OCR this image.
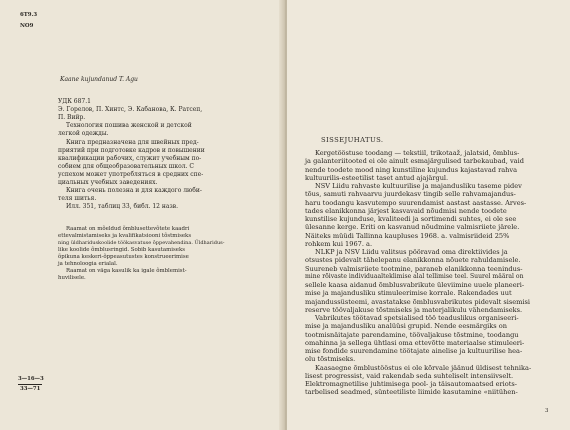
6T9.3
NO9
Kaane kujundanud T. Agu
УДК 687.1
Э. Горелов, П. Хинтс, Э. Кабанова, К. Ратсеп,
П. Вийр.
Технология пошива женской и детской
легкой одежды.
Книга предназначена для швейных пред-
приятий при подготовке кадров и повышении
квалификации рабочих, служит учебным по-
собием для общеобразовательных школ. С
успехом может употребляться в средних спе-
циальных учебных заведениях.
Книга очень полезна и для каждого люби-
теля шитья.
Илл. 351, таблиц 33, библ. 12 назв.
Raamat on mõeldud õmblusettevõtete kaadri
ettevalmistamiseks ja kvalifikatsiooni tõstmiseks
ning üldhariduskoolide töökasvatuse õppevahendina. Üldharidus-
like koolide õmblusringid. Sobib kasutamiseks
õpikuna keskeri-õppeasutustes konstrueerimise
ja tehnoloogia erialal.
Raamat on väga kasulik ka igale õmblemist-
huvilisele.
3—16—3
33—71
SISSEJUHATUS.

Kergetööstuse toodang — tekstiil, trikotaaž, jalatsid, õmblus-

ja galanteriitooted ei ole ainult esmajärgulised tarbekaubad, vaid

nende toodete mood ning kunstiline kujundus kajastavad rahva

kultuurilis-esteetilist taset antud ajajärgul.

NSV Liidu rahvaste kultuurilise ja majandusliku taseme pidev

tõus, samuti rahvaarvu juurdekasv tingib selle rahvamajandus-

haru toodangu kasvutempo suurendamist aastast aastasse. Arves-

tades elanikkonna järjest kasvavaid nõudmisi nende toodete

kunstilise kujunduse, kvaliteedi ja sortimendi suhtes, ei ole see

ülesanne kerge. Eriti on kasvanud nõudmine valmisriiete järele.

Näiteks müüdi Tallinna kaupluses 1968. a. valmisriideid 25%

rohkem kui 1967. a.

NLKP ja NSV Liidu valitsus pööravad oma direktiivides ja

otsustes pidevalt tähelepanu elanikkonna nõuete rahuldamisele.

Suureneb valmisriiete tootmine, paraneb elanikkonna teenindus-

mine rõivaste individuaalteklimise alal tellimise teel. Suurel määral on

sellele kaasa aidanud õmblusvabrikute üleviimine uuele planeeri-

mise ja majandusliku stimuleerimise korrale. Rakendades uut

majandussüsteemi, avastatakse õmblusvabrikutes pidevalt sisemisi

reserve töövaljakuse tõstmiseks ja materjalikulu vähendamiseks.

Vabrikutes töötavad spetsialised töö teaduslikus organiseeri-

mise ja majandusliku analüüsi grupid. Nende eesmärgiks on

tootmisnäitajate parendamine, töövaljakuse tõstmine, toodangu

omahinna ja sellega ühtlasi oma ettevõtte materiaalse stimuleeri-

mise fondide suurendamine töötajate ainelise ja kultuurilise hea-

olu tõstmiseks.

Kaasaegne õmblustööstus ei ole kõrvale jäänud üldisest tehnika-

lisest progressist, vaid rakendab seda suhteliselt intensiivselt.

Elektromagnetilise juhtimisega pool- ja täisautomaatsed eriots-

tarbelised seadmed, sünteetiliste liimide kasutamine «niitühen-

3
